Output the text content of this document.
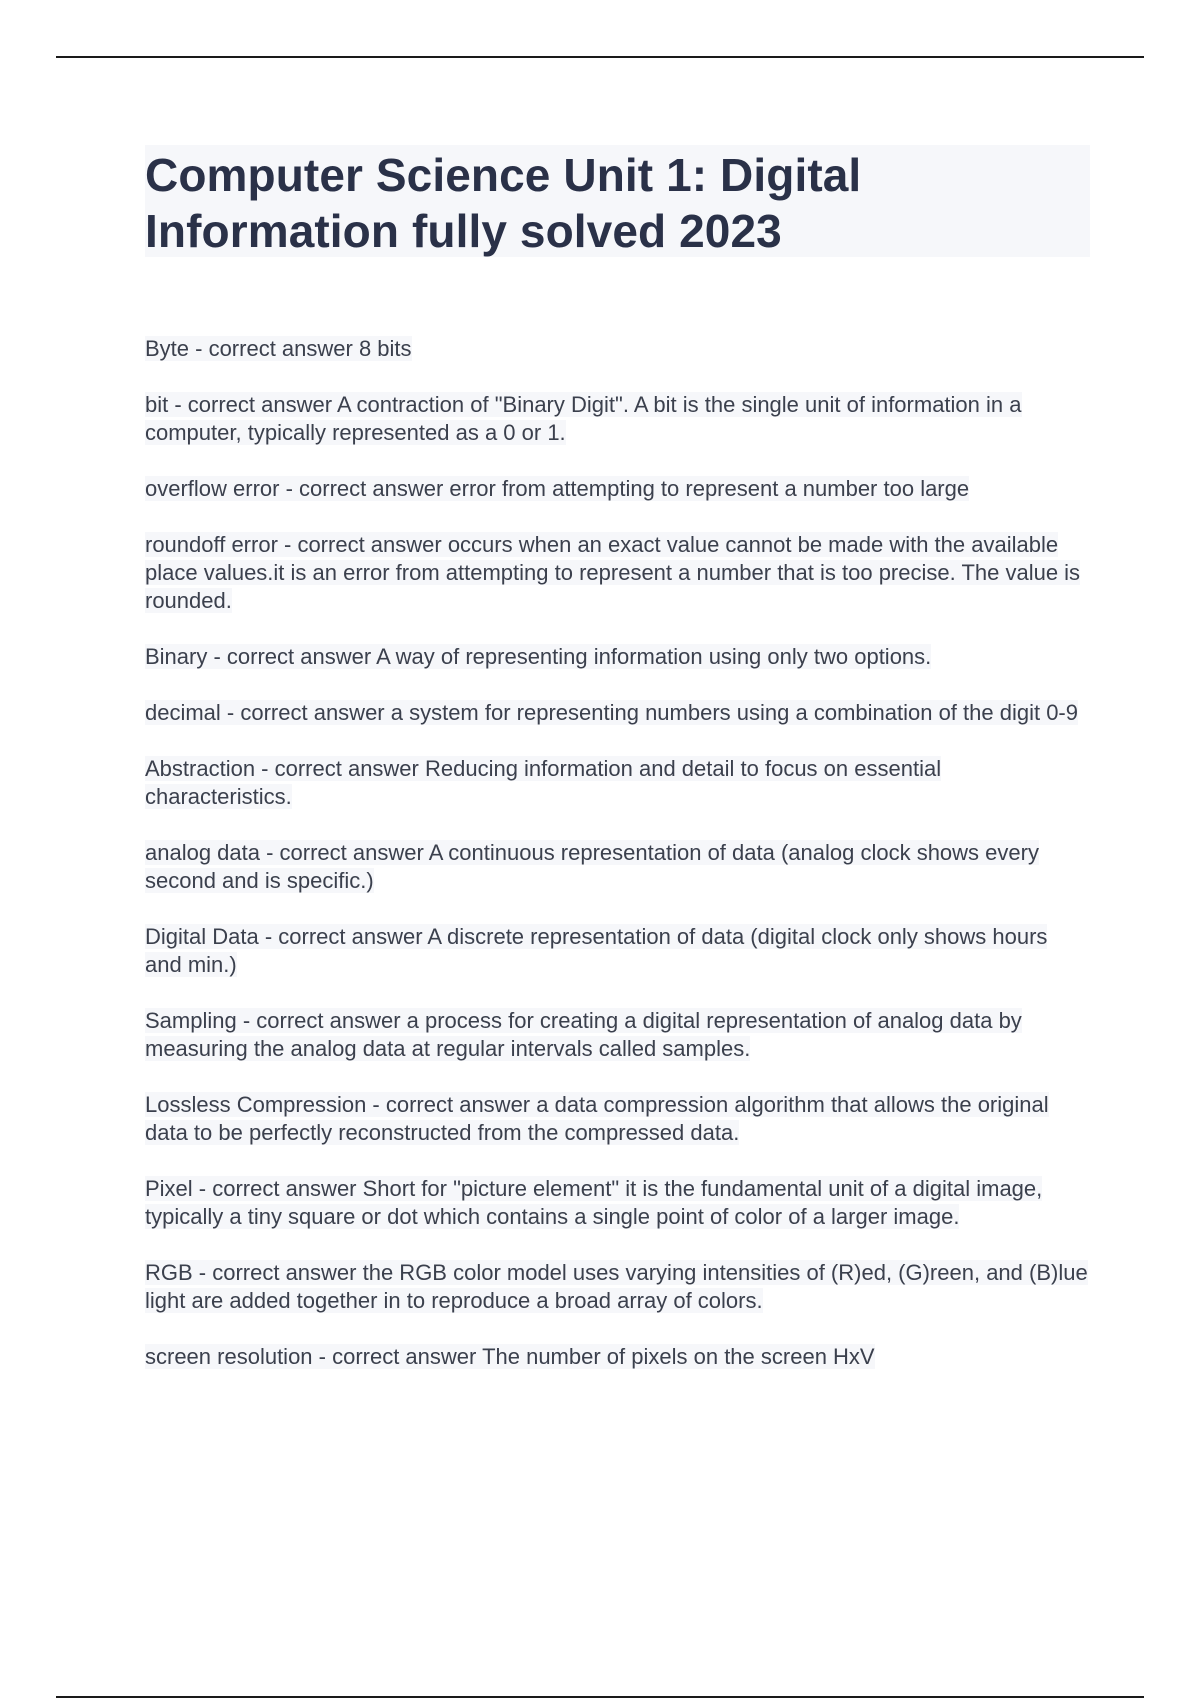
Computer Science Unit 1: Digital Information fully solved 2023

Byte - correct answer 8 bits

bit - correct answer A contraction of "Binary Digit". A bit is the single unit of information in a computer, typically represented as a 0 or 1.

overflow error - correct answer error from attempting to represent a number too large

roundoff error - correct answer occurs when an exact value cannot be made with the available place values.it is an error from attempting to represent a number that is too precise. The value is rounded.

Binary - correct answer A way of representing information using only two options.

decimal - correct answer a system for representing numbers using a combination of the digit 0-9

Abstraction - correct answer Reducing information and detail to focus on essential characteristics.

analog data - correct answer A continuous representation of data (analog clock shows every second and is specific.)

Digital Data - correct answer A discrete representation of data (digital clock only shows hours and min.)

Sampling - correct answer a process for creating a digital representation of analog data by measuring the analog data at regular intervals called samples.

Lossless Compression - correct answer a data compression algorithm that allows the original data to be perfectly reconstructed from the compressed data.

Pixel - correct answer Short for "picture element" it is the fundamental unit of a digital image, typically a tiny square or dot which contains a single point of color of a larger image.

RGB - correct answer the RGB color model uses varying intensities of (R)ed, (G)reen, and (B)lue light are added together in to reproduce a broad array of colors.

screen resolution - correct answer The number of pixels on the screen HxV
